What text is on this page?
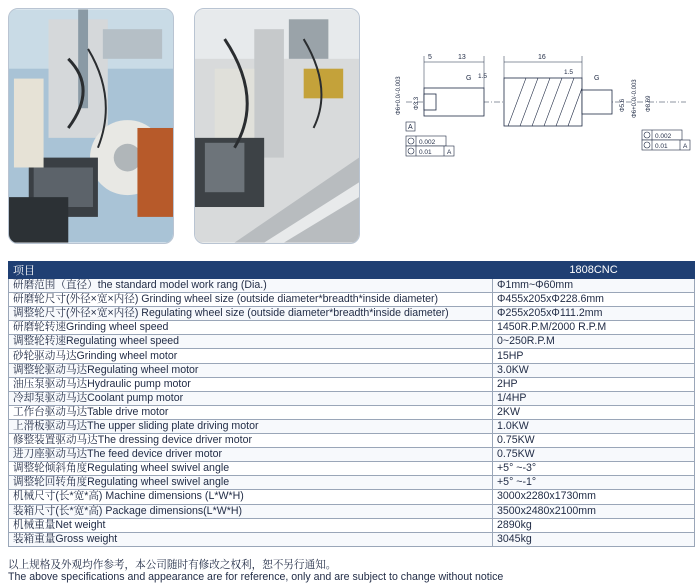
5	13	16
1.5
1.5
G	G
A
Φ6+0.0/-0.003 Φ3.3	Φ5.6 Φ6+0.0/-0.003 Φ8.69
0.002
0.01 A
0.002
0.01 A
项目	1808CNC
研磨范围（直径）the standard model work rang (Dia.)	Φ1mm~Φ60mm
研磨轮尺寸(外径×宽×内径) Grinding wheel size (outside diameter*breadth*inside diameter)	Φ455x205xΦ228.6mm
调整轮尺寸(外径×宽×内径) Regulating wheel size (outside diameter*breadth*inside diameter)	Φ255x205xΦ111.2mm
研磨轮转速Grinding wheel speed	1450R.P.M/2000 R.P.M
调整轮转速Regulating wheel speed	0~250R.P.M
砂轮驱动马达Grinding wheel motor	15HP
调整轮驱动马达Regulating wheel motor	3.0KW
油压泵驱动马达Hydraulic pump motor	2HP
冷却泵驱动马达Coolant pump motor	1/4HP
工作台驱动马达Table drive motor	2KW
上滑板驱动马达The upper sliding plate driving motor	1.0KW
修整装置驱动马达The dressing device driver motor	0.75KW
进刀座驱动马达The feed device driver motor	0.75KW
调整轮倾斜角度Regulating wheel swivel angle	+5° ~-3°
调整轮回转角度Regulating wheel swivel angle	+5° ~-1°
机械尺寸(长*宽*高) Machine dimensions (L*W*H)	3000x2280x1730mm
装箱尺寸(长*宽*高) Package dimensions(L*W*H)	3500x2480x2100mm
机械重量Net weight	2890kg
装箱重量Gross weight	3045kg
以上规格及外观均作参考，本公司随时有修改之权利，恕不另行通知。
The above specifications and appearance are for reference, only and are subject to change without notice
